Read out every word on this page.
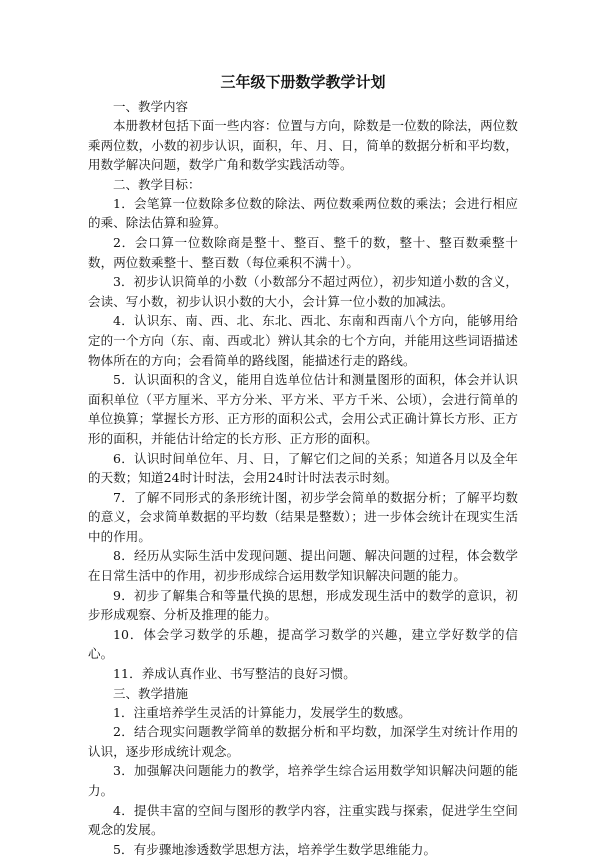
三年级下册数学教学计划

一、教学内容

本册教材包括下面一些内容：位置与方向，除数是一位数的除法，两位数乘两位数，小数的初步认识，面积，年、月、日，简单的数据分析和平均数，用数学解决问题，数学广角和数学实践活动等。

二、教学目标：

1．会笔算一位数除多位数的除法、两位数乘两位数的乘法；会进行相应的乘、除法估算和验算。

2．会口算一位数除商是整十、整百、整千的数，整十、整百数乘整十数，两位数乘整十、整百数（每位乘积不满十）。

3．初步认识简单的小数（小数部分不超过两位），初步知道小数的含义，会读、写小数，初步认识小数的大小，会计算一位小数的加减法。

4．认识东、南、西、北、东北、西北、东南和西南八个方向，能够用给定的一个方向（东、南、西或北）辨认其余的七个方向，并能用这些词语描述物体所在的方向；会看简单的路线图，能描述行走的路线。

5．认识面积的含义，能用自选单位估计和测量图形的面积，体会并认识面积单位（平方厘米、平方分米、平方米、平方千米、公顷），会进行简单的单位换算；掌握长方形、正方形的面积公式，会用公式正确计算长方形、正方形的面积，并能估计给定的长方形、正方形的面积。

6．认识时间单位年、月、日，了解它们之间的关系；知道各月以及全年的天数；知道24时计时法，会用24时计时法表示时刻。

7．了解不同形式的条形统计图，初步学会简单的数据分析；了解平均数的意义，会求简单数据的平均数（结果是整数）；进一步体会统计在现实生活中的作用。

8．经历从实际生活中发现问题、提出问题、解决问题的过程，体会数学在日常生活中的作用，初步形成综合运用数学知识解决问题的能力。

9．初步了解集合和等量代换的思想，形成发现生活中的数学的意识，初步形成观察、分析及推理的能力。

10．体会学习数学的乐趣，提高学习数学的兴趣，建立学好数学的信心。

11．养成认真作业、书写整洁的良好习惯。

三、教学措施

1．注重培养学生灵活的计算能力，发展学生的数感。

2．结合现实问题教学简单的数据分析和平均数，加深学生对统计作用的认识，逐步形成统计观念。

3．加强解决问题能力的教学，培养学生综合运用数学知识解决问题的能力。

4．提供丰富的空间与图形的教学内容，注重实践与探索，促进学生空间观念的发展。

5．有步骤地渗透数学思想方法，培养学生数学思维能力。
